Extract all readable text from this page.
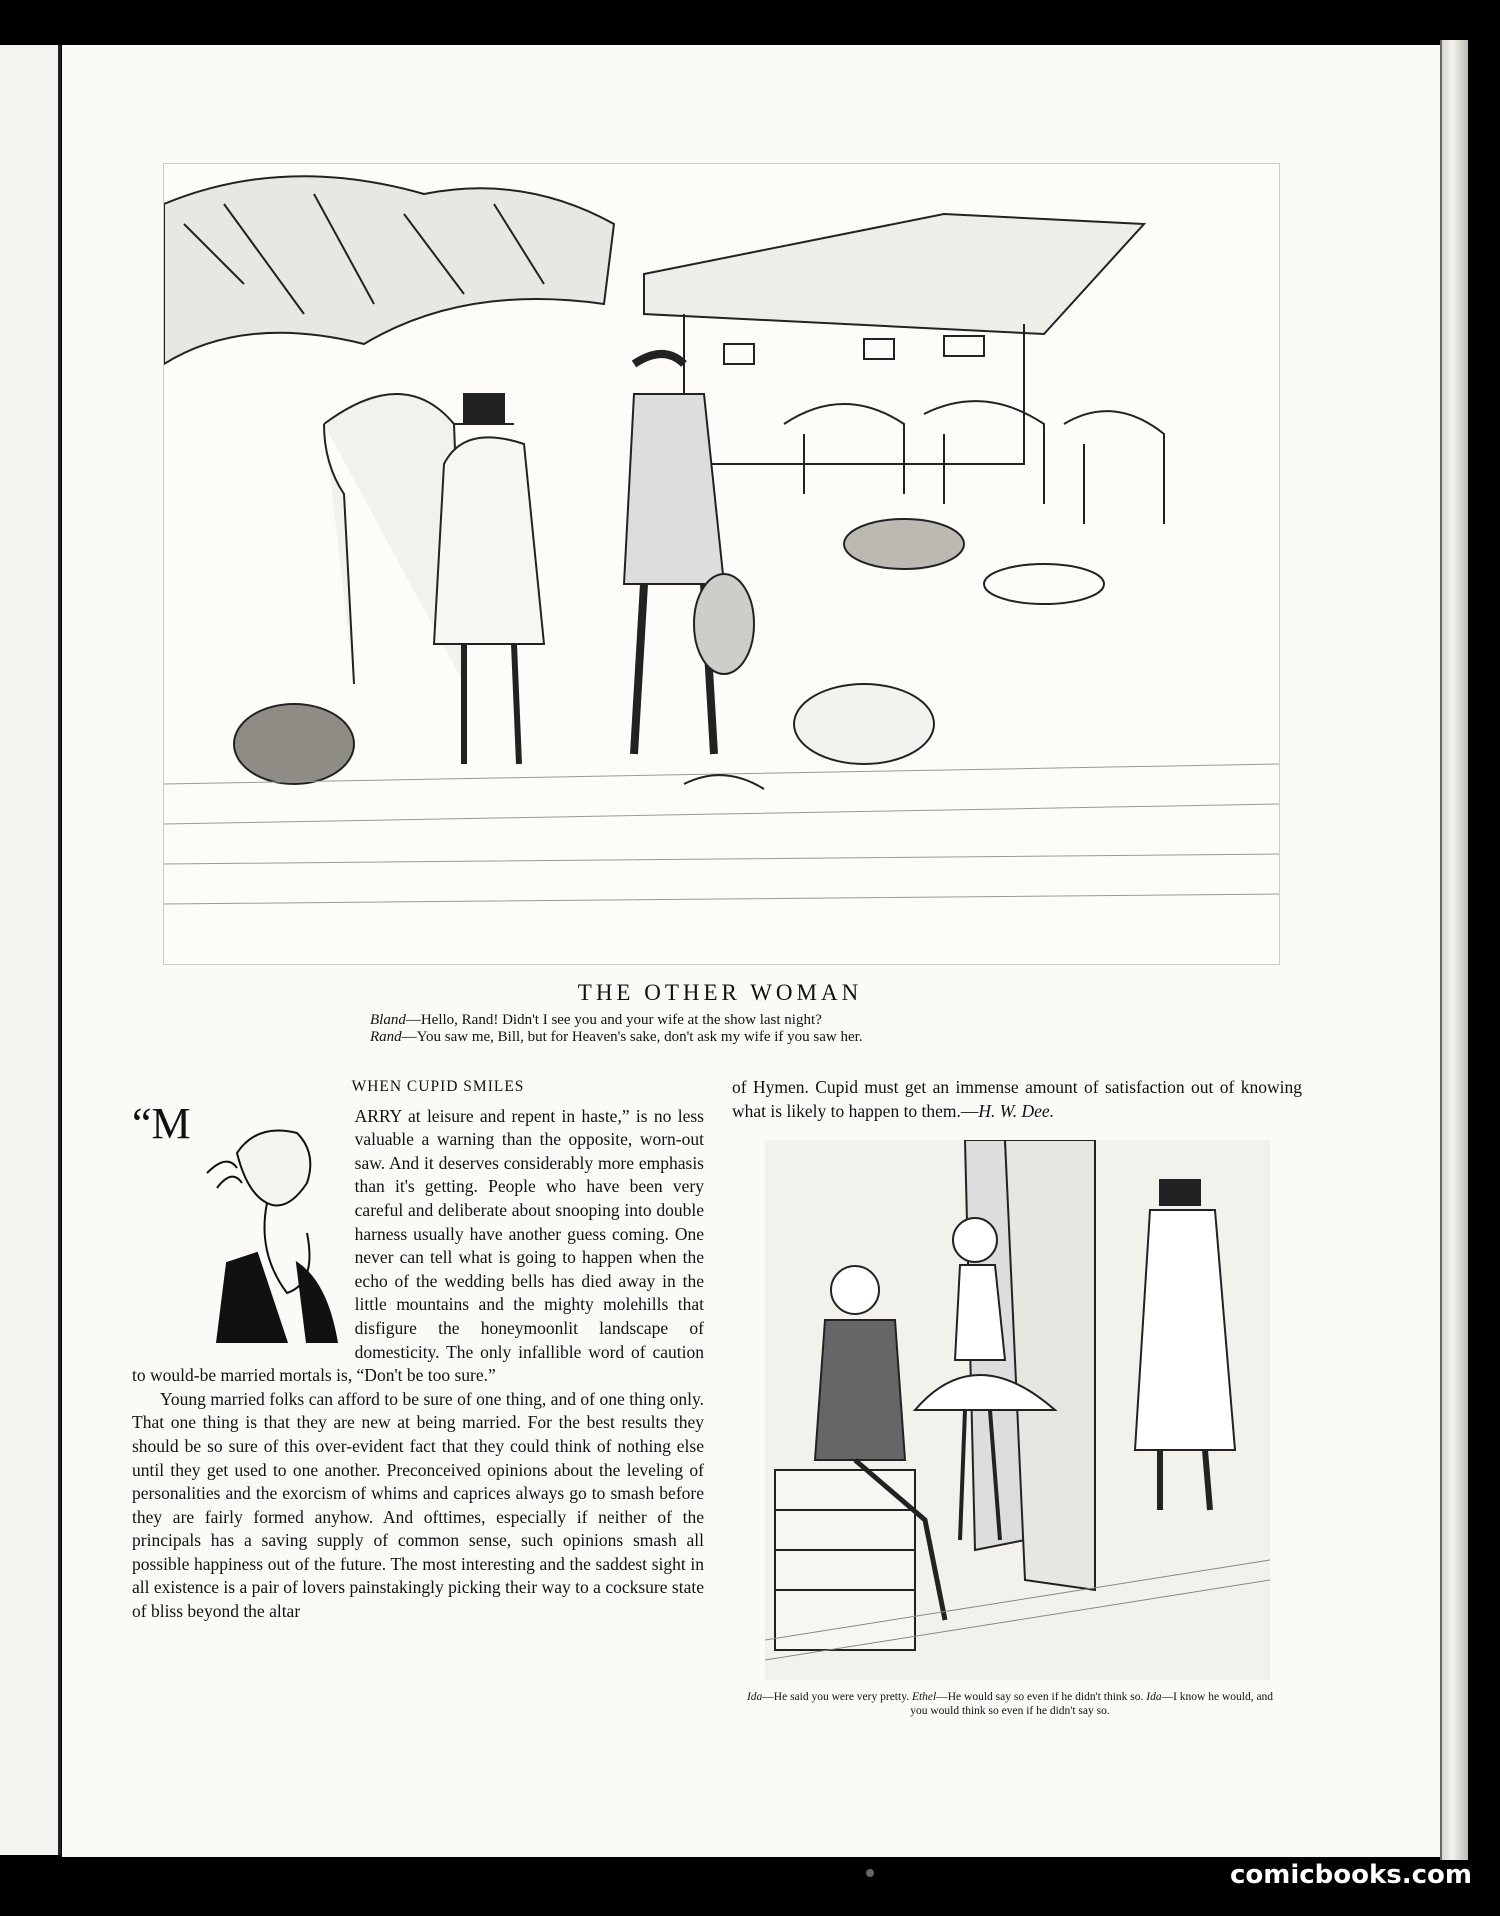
THE OTHER WOMAN
Bland—Hello, Rand! Didn't I see you and your wife at the show last night?
Rand—You saw me, Bill, but for Heaven's sake, don't ask my wife if you saw her.
WHEN CUPID SMILES

“M	ARRY at leisure and repent in haste,” is no less valuable a warning than the opposite, worn-out saw. And it deserves considerably more emphasis than it's getting. People who have been very careful and deliberate about snooping into double harness usually have another guess coming. One never can tell what is going to happen when the echo of the wedding bells has died away in the little mountains and the mighty molehills that disfigure the honeymoonlit landscape of domesticity. The only infallible word of caution to would-be married mortals is, “Don't be too sure.”

Young married folks can afford to be sure of one thing, and of one thing only. That one thing is that they are new at being married. For the best results they should be so sure of this over-evident fact that they could think of nothing else until they get used to one another. Preconceived opinions about the leveling of personalities and the exorcism of whims and caprices always go to smash before they are fairly formed anyhow. And ofttimes, especially if neither of the principals has a saving supply of common sense, such opinions smash all possible happiness out of the future. The most interesting and the saddest sight in all existence is a pair of lovers painstakingly picking their way to a cocksure state of bliss beyond the altar

of Hymen. Cupid must get an immense amount of satisfaction out of knowing what is likely to happen to them.—H. W. Dee.
Ida—He said you were very pretty. Ethel—He would say so even if he didn't think so. Ida—I know he would, and you would think so even if he didn't say so.
comicbooks.com
